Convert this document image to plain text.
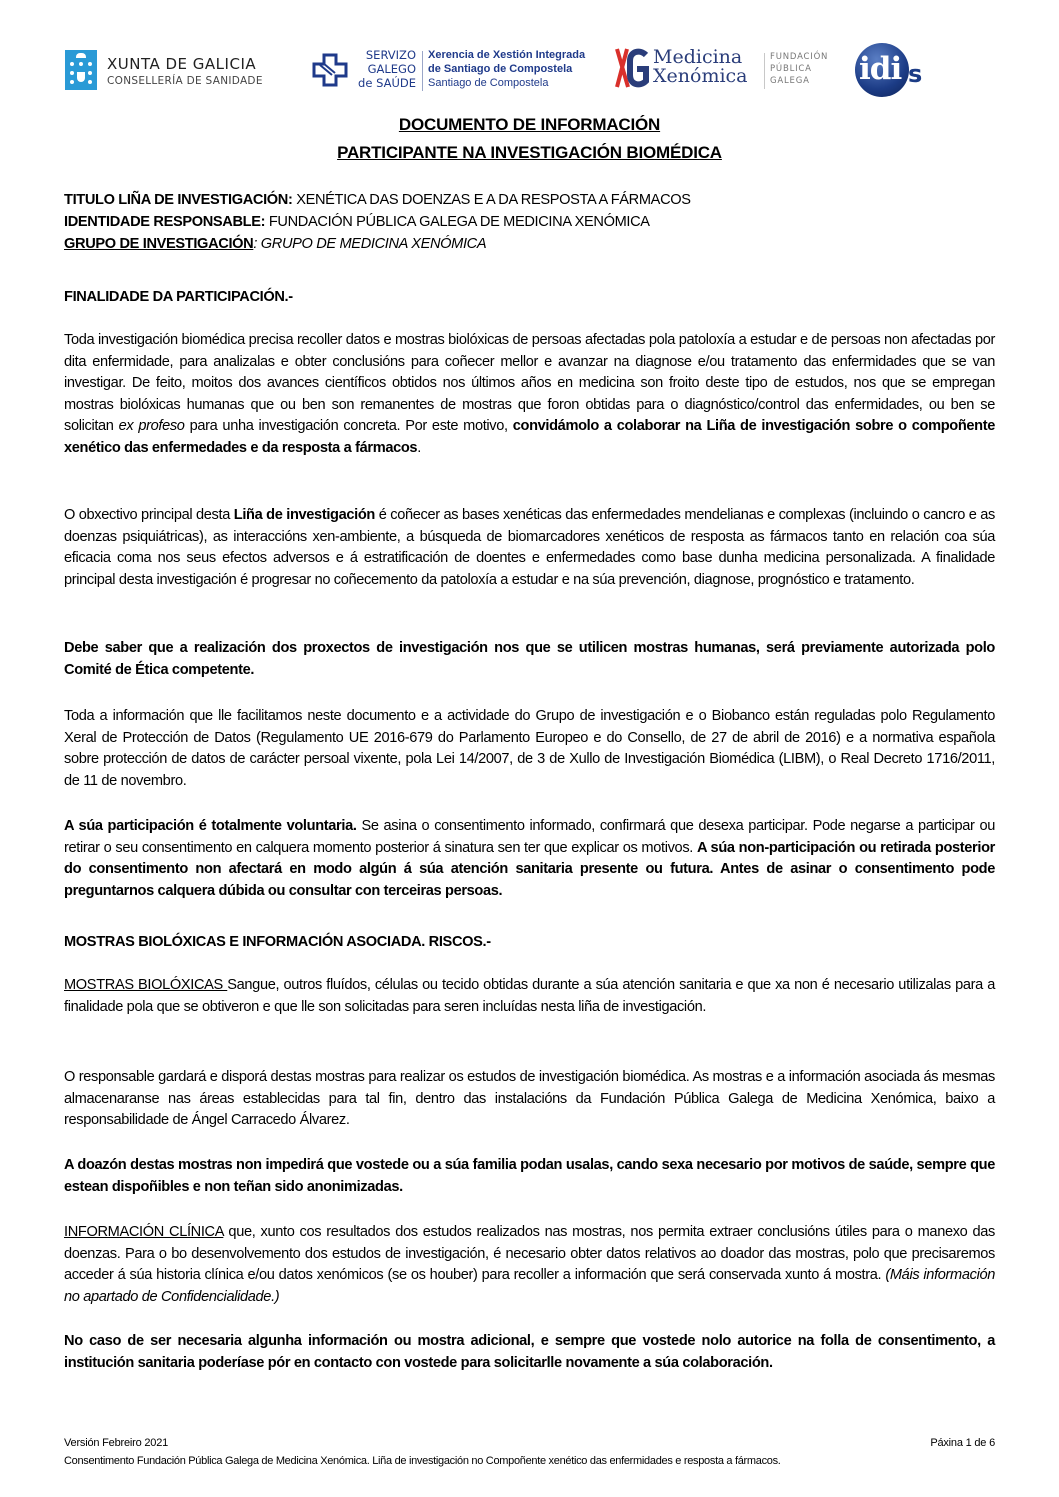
XUNTA DE GALICIA
CONSELLERÍA DE SANIDADE
SERVIZO
GALEGO
de SAÚDE
Xerencia de Xestión Integrada
de Santiago de Compostela
Santiago de Compostela
Medicina
Xenómica
FUNDACIÓN
PÚBLICA
GALEGA	idi s
DOCUMENTO DE INFORMACIÓN
PARTICIPANTE NA INVESTIGACIÓN BIOMÉDICA
TITULO LIÑA DE INVESTIGACIÓN: XENÉTICA DAS DOENZAS E A DA RESPOSTA A FÁRMACOS
IDENTIDADE RESPONSABLE: FUNDACIÓN PÚBLICA GALEGA DE MEDICINA XENÓMICA
GRUPO DE INVESTIGACIÓN: GRUPO DE MEDICINA XENÓMICA
FINALIDADE DA PARTICIPACIÓN.-

Toda investigación biomédica precisa recoller datos e mostras biolóxicas de persoas afectadas pola patoloxía a estudar e de persoas non afectadas por dita enfermidade, para analizalas e obter conclusións para coñecer mellor e avanzar na diagnose e/ou tratamento das enfermidades que se van investigar. De feito, moitos dos avances científicos obtidos nos últimos años en medicina son froito deste tipo de estudos, nos que se empregan mostras biolóxicas humanas que ou ben son remanentes de mostras que foron obtidas para o diagnóstico/control das enfermidades, ou ben se solicitan ex profeso para unha investigación concreta. Por este motivo, convidámolo a colaborar na Liña de investigación sobre o compoñente xenético das enfermedades e da resposta a fármacos.

O obxectivo principal desta Liña de investigación é coñecer as bases xenéticas das enfermedades mendelianas e complexas (incluindo o cancro e as doenzas psiquiátricas), as interaccións xen-ambiente, a búsqueda de biomarcadores xenéticos de resposta as fármacos tanto en relación coa súa eficacia coma nos seus efectos adversos e á estratificación de doentes e enfermedades como base dunha medicina personalizada. A finalidade principal desta investigación é progresar no coñecemento da patoloxía a estudar e na súa prevención, diagnose, prognóstico e tratamento.

Debe saber que a realización dos proxectos de investigación nos que se utilicen mostras humanas, será previamente autorizada polo Comité de Ética competente.

Toda a información que lle facilitamos neste documento e a actividade do Grupo de investigación e o Biobanco están reguladas polo Regulamento Xeral de Protección de Datos (Regulamento UE 2016-679 do Parlamento Europeo e do Consello, de 27 de abril de 2016) e a normativa española sobre protección de datos de carácter persoal vixente, pola Lei 14/2007, de 3 de Xullo de Investigación Biomédica (LIBM), o Real Decreto 1716/2011, de 11 de novembro.

A súa participación é totalmente voluntaria. Se asina o consentimento informado, confirmará que desexa participar. Pode negarse a participar ou retirar o seu consentimento en calquera momento posterior á sinatura sen ter que explicar os motivos. A súa non-participación ou retirada posterior do consentimento non afectará en modo algún á súa atención sanitaria presente ou futura. Antes de asinar o consentimento pode preguntarnos calquera dúbida ou consultar con terceiras persoas.

MOSTRAS BIOLÓXICAS E INFORMACIÓN ASOCIADA. RISCOS.-

MOSTRAS BIOLÓXICAS Sangue, outros fluídos, células ou tecido obtidas durante a súa atención sanitaria e que xa non é necesario utilizalas para a finalidade pola que se obtiveron e que lle son solicitadas para seren incluídas nesta liña de investigación.

O responsable gardará e disporá destas mostras para realizar os estudos de investigación biomédica. As mostras e a información asociada ás mesmas almacenaranse nas áreas establecidas para tal fin, dentro das instalacións da Fundación Pública Galega de Medicina Xenómica, baixo a responsabilidade de Ángel Carracedo Álvarez.

A doazón destas mostras non impedirá que vostede ou a súa familia podan usalas, cando sexa necesario por motivos de saúde, sempre que estean dispoñibles e non teñan sido anonimizadas.

INFORMACIÓN CLÍNICA que, xunto cos resultados dos estudos realizados nas mostras, nos permita extraer conclusións útiles para o manexo das doenzas. Para o bo desenvolvemento dos estudos de investigación, é necesario obter datos relativos ao doador das mostras, polo que precisaremos acceder á súa historia clínica e/ou datos xenómicos (se os houber) para recoller a información que será conservada xunto á mostra. (Máis información no apartado de Confidencialidade.)

No caso de ser necesaria algunha información ou mostra adicional, e sempre que vostede nolo autorice na folla de consentimento, a institución sanitaria poderíase pór en contacto con vostede para solicitarlle novamente a súa colaboración.

Versión Febreiro 2021	Páxina 1 de 6
Consentimento Fundación Pública Galega de Medicina Xenómica. Liña de investigación no Compoñente xenético das enfermidades e resposta a fármacos.
